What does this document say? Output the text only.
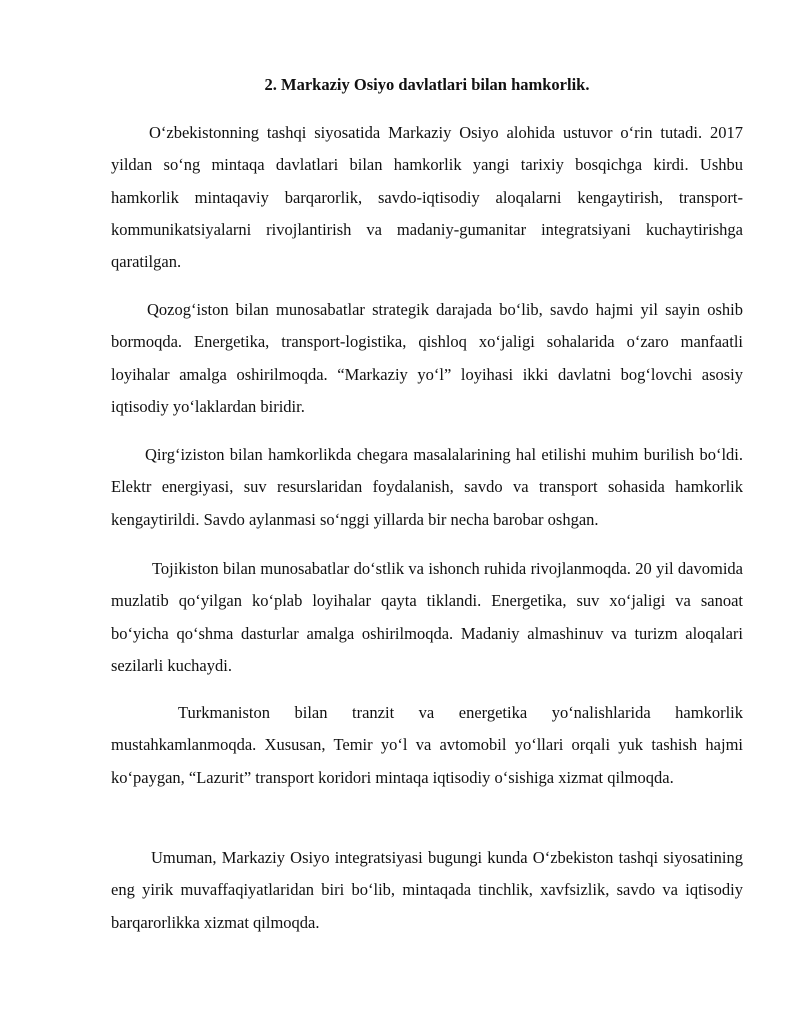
2. Markaziy Osiyo davlatlari bilan hamkorlik.

O‘zbekistonning tashqi siyosatida Markaziy Osiyo alohida ustuvor o‘rin tutadi. 2017 yildan so‘ng mintaqa davlatlari bilan hamkorlik yangi tarixiy bosqichga kirdi. Ushbu hamkorlik mintaqaviy barqarorlik, savdo-iqtisodiy aloqalarni kengaytirish, transport-kommunikatsiyalarni rivojlantirish va madaniy-gumanitar integratsiyani kuchaytirishga qaratilgan.

Qozog‘iston bilan munosabatlar strategik darajada bo‘lib, savdo hajmi yil sayin oshib bormoqda. Energetika, transport-logistika, qishloq xo‘jaligi sohalarida o‘zaro manfaatli loyihalar amalga oshirilmoqda. “Markaziy yo‘l” loyihasi ikki davlatni bog‘lovchi asosiy iqtisodiy yo‘laklardan biridir.

Qirg‘iziston bilan hamkorlikda chegara masalalarining hal etilishi muhim burilish bo‘ldi. Elektr energiyasi, suv resurslaridan foydalanish, savdo va transport sohasida hamkorlik kengaytirildi. Savdo aylanmasi so‘nggi yillarda bir necha barobar oshgan.

Tojikiston bilan munosabatlar do‘stlik va ishonch ruhida rivojlanmoqda. 20 yil davomida muzlatib qo‘yilgan ko‘plab loyihalar qayta tiklandi. Energetika, suv xo‘jaligi va sanoat bo‘yicha qo‘shma dasturlar amalga oshirilmoqda. Madaniy almashinuv va turizm aloqalari sezilarli kuchaydi.

Turkmaniston bilan tranzit va energetika yo‘nalishlarida hamkorlik mustahkamlanmoqda. Xususan, Temir yo‘l va avtomobil yo‘llari orqali yuk tashish hajmi ko‘paygan, “Lazurit” transport koridori mintaqa iqtisodiy o‘sishiga xizmat qilmoqda.

Umuman, Markaziy Osiyo integratsiyasi bugungi kunda O‘zbekiston tashqi siyosatining eng yirik muvaffaqiyatlaridan biri bo‘lib, mintaqada tinchlik, xavfsizlik, savdo va iqtisodiy barqarorlikka xizmat qilmoqda.
